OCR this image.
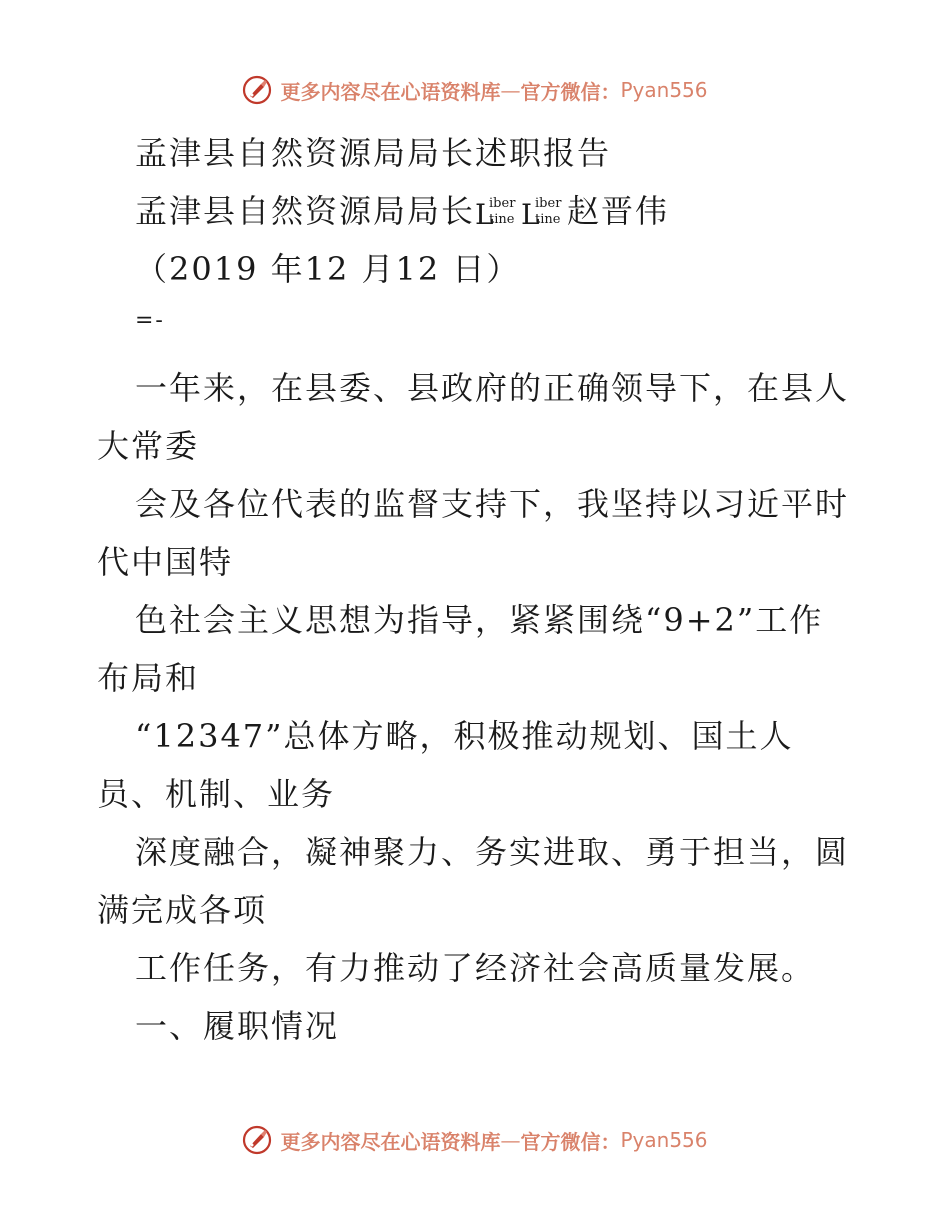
更多内容尽在心语资料库 — 官方微信： Pyan556
孟津县自然资源局局长述职报告
孟津县自然资源局局长 L
iber
tine L
iber
tine 赵晋伟
（2019 年12 月12 日）
=-
一年来，在县委、县政府的正确领导下，在县人
大常委
会及各位代表的监督支持下，我坚持以习近平时
代中国特
色社会主义思想为指导，紧紧围绕“9+2”工作
布局和
“12347”总体方略，积极推动规划、国土人
员、机制、业务
深度融合，凝神聚力、务实进取、勇于担当，圆
满完成各项
工作任务，有力推动了经济社会高质量发展。
一、履职情况
更多内容尽在心语资料库 — 官方微信： Pyan556
